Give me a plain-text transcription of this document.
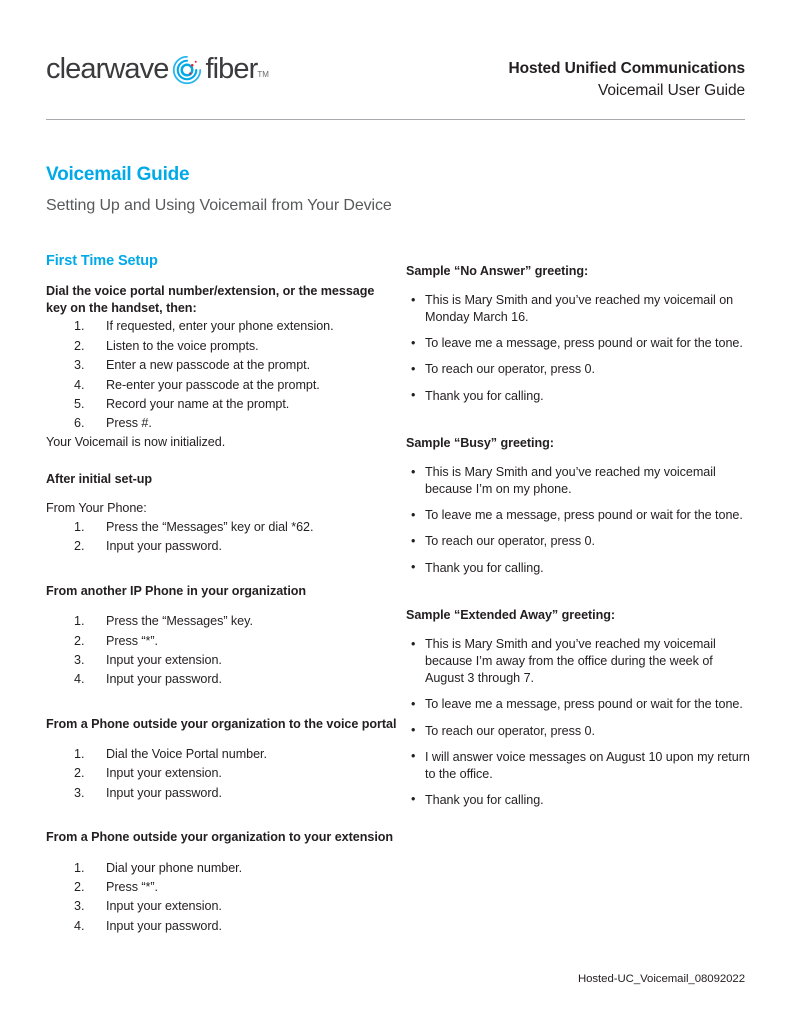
clearwave fiber TM	Hosted Unified Communications
Voicemail User Guide
Voicemail Guide
Setting Up and Using Voicemail from Your Device
First Time Setup
Dial the voice portal number/extension, or the message key on the handset, then:
1.	If requested, enter your phone extension.
2.	Listen to the voice prompts.
3.	Enter a new passcode at the prompt.
4.	Re-enter your passcode at the prompt.
5.	Record your name at the prompt.
6.	Press #.

Your Voicemail is now initialized.

After initial set-up

From Your Phone:

1.	Press the “Messages” key or dial *62.
2.	Input your password.
From another IP Phone in your organization
1.	Press the “Messages” key.
2.	Press “*”.
3.	Input your extension.
4.	Input your password.
From a Phone outside your organization to the voice portal
1.	Dial the Voice Portal number.
2.	Input your extension.
3.	Input your password.
From a Phone outside your organization to your extension
1.	Dial your phone number.
2.	Press “*”.
3.	Input your extension.
4.	Input your password.
Sample “No Answer” greeting:
• This is Mary Smith and you’ve reached my voicemail on Monday March 16.
• To leave me a message, press pound or wait for the tone.
• To reach our operator, press 0.
• Thank you for calling.
Sample “Busy” greeting:
• This is Mary Smith and you’ve reached my voicemail because I’m on my phone.
• To leave me a message, press pound or wait for the tone.
• To reach our operator, press 0.
• Thank you for calling.
Sample “Extended Away” greeting:
• This is Mary Smith and you’ve reached my voicemail because I’m away from the office during the week of August 3 through 7.
• To leave me a message, press pound or wait for the tone.
• To reach our operator, press 0.
• I will answer voice messages on August 10 upon my return to the office.
• Thank you for calling.
Hosted-UC_Voicemail_08092022
